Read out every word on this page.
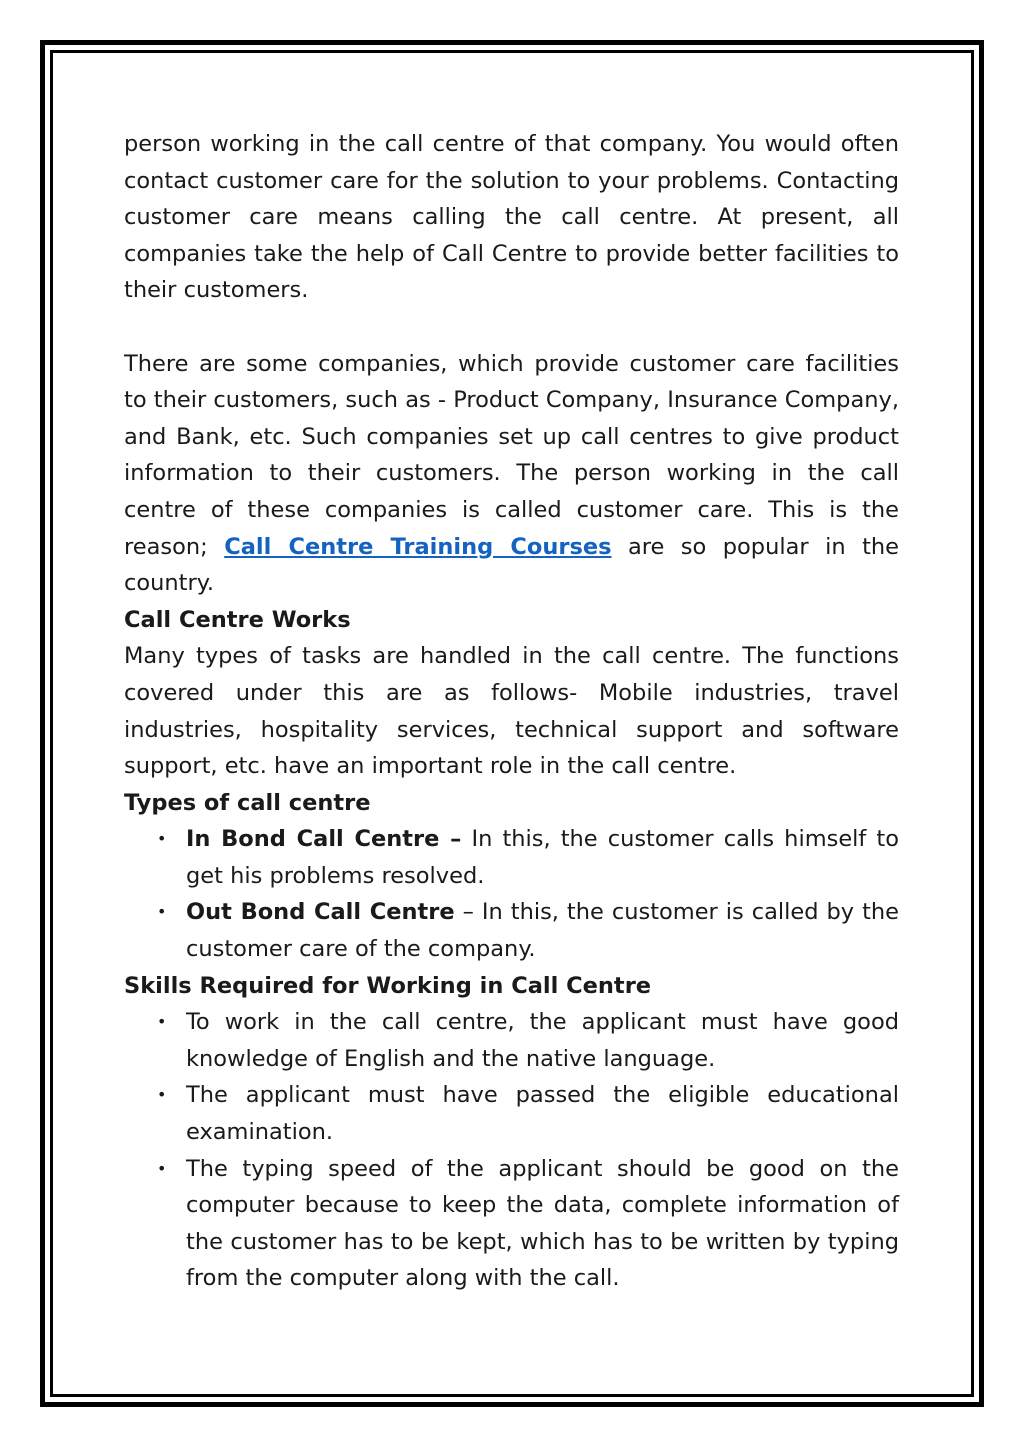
person working in the call centre of that company. You would often contact customer care for the solution to your problems. Contacting customer care means calling the call centre. At present, all companies take the help of Call Centre to provide better facilities to their customers.

There are some companies, which provide customer care facilities to their customers, such as - Product Company, Insurance Company, and Bank, etc. Such companies set up call centres to give product information to their customers. The person working in the call centre of these companies is called customer care. This is the reason; Call Centre Training Courses are so popular in the country.

Call Centre Works

Many types of tasks are handled in the call centre. The functions covered under this are as follows- Mobile industries, travel industries, hospitality services, technical support and software support, etc. have an important role in the call centre.

Types of call centre
• In Bond Call Centre – In this, the customer calls himself to get his problems resolved.
• Out Bond Call Centre – In this, the customer is called by the customer care of the company.
Skills Required for Working in Call Centre
• To work in the call centre, the applicant must have good knowledge of English and the native language.
• The applicant must have passed the eligible educational examination.
• The typing speed of the applicant should be good on the computer because to keep the data, complete information of the customer has to be kept, which has to be written by typing from the computer along with the call.
